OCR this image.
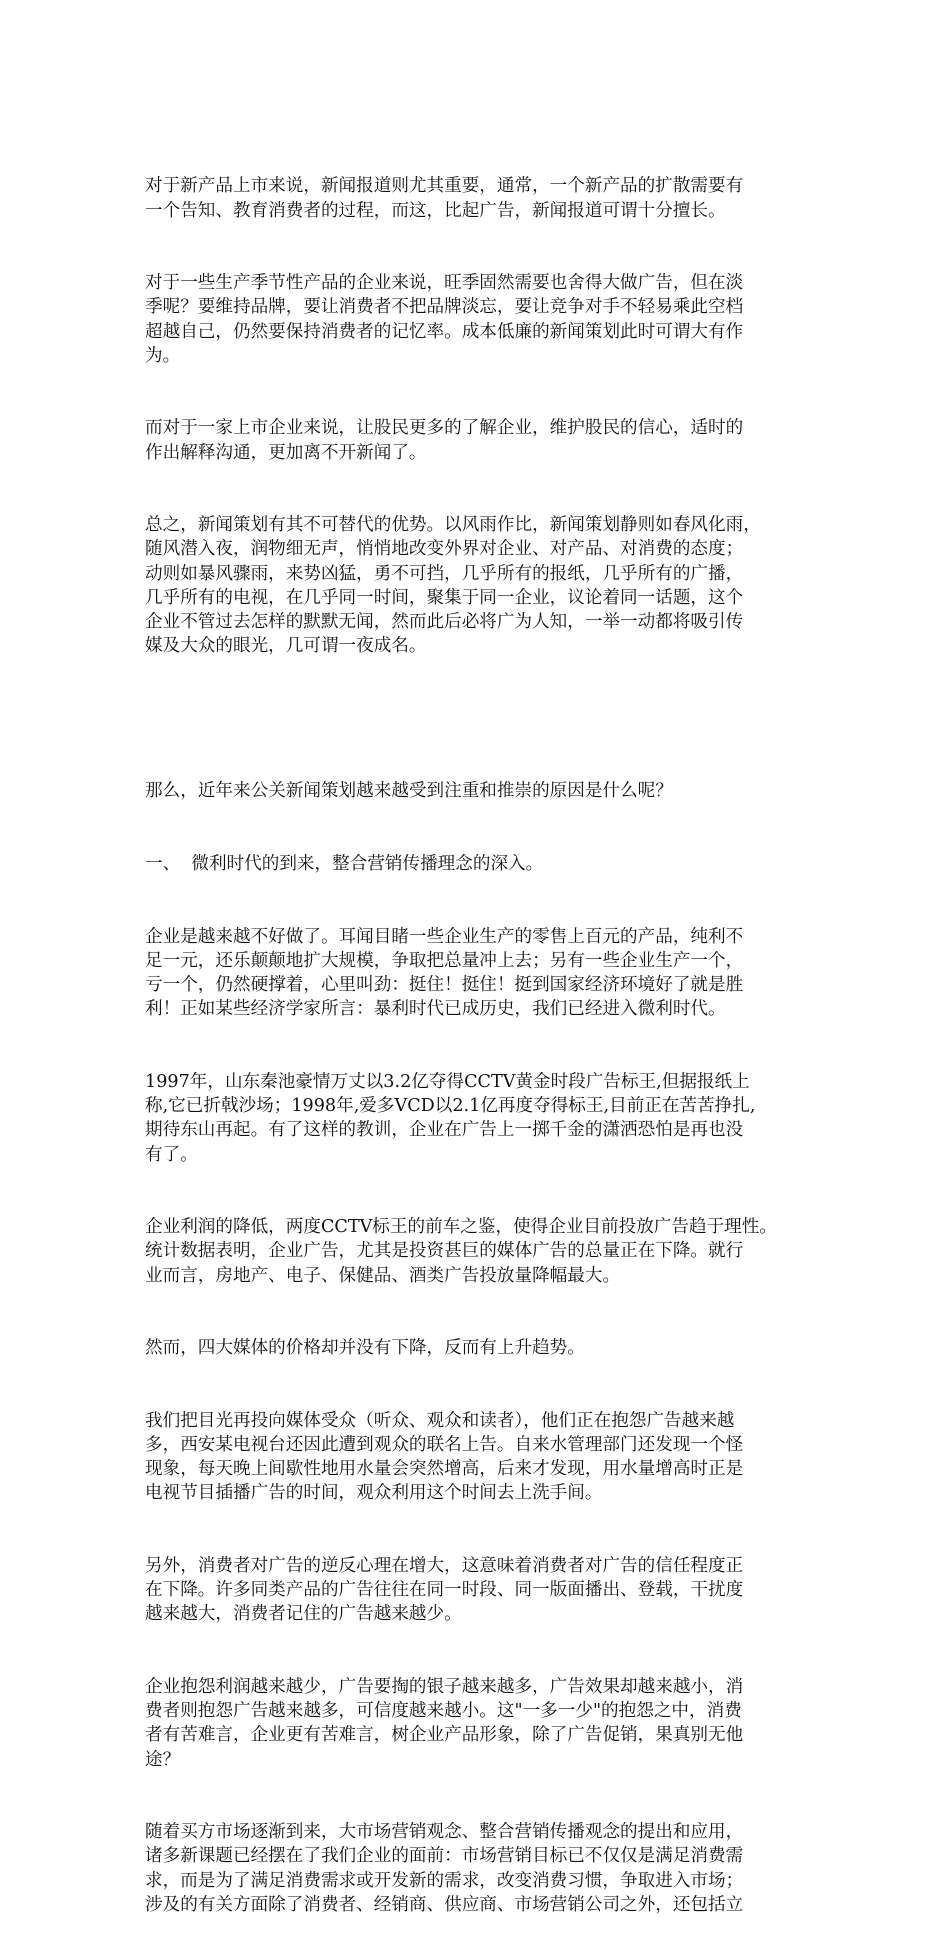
对于新产品上市来说，新闻报道则尤其重要，通常，一个新产品的扩散需要有
一个告知、教育消费者的过程，而这，比起广告，新闻报道可谓十分擅长。

对于一些生产季节性产品的企业来说，旺季固然需要也舍得大做广告，但在淡
季呢？要维持品牌，要让消费者不把品牌淡忘，要让竞争对手不轻易乘此空档
超越自己，仍然要保持消费者的记忆率。成本低廉的新闻策划此时可谓大有作
为。

而对于一家上市企业来说，让股民更多的了解企业，维护股民的信心，适时的
作出解释沟通，更加离不开新闻了。

总之，新闻策划有其不可替代的优势。以风雨作比，新闻策划静则如春风化雨，
随风潜入夜，润物细无声，悄悄地改变外界对企业、对产品、对消费的态度；
动则如暴风骤雨，来势凶猛，勇不可挡，几乎所有的报纸，几乎所有的广播，
几乎所有的电视，在几乎同一时间，聚集于同一企业，议论着同一话题，这个
企业不管过去怎样的默默无闻，然而此后必将广为人知，一举一动都将吸引传
媒及大众的眼光，几可谓一夜成名。

那么，近年来公关新闻策划越来越受到注重和推崇的原因是什么呢？

一、  微利时代的到来，整合营销传播理念的深入。

企业是越来越不好做了。耳闻目睹一些企业生产的零售上百元的产品，纯利不
足一元，还乐颠颠地扩大规模，争取把总量冲上去；另有一些企业生产一个，
亏一个，仍然硬撑着，心里叫劲：挺住！挺住！挺到国家经济环境好了就是胜
利！正如某些经济学家所言：暴利时代已成历史，我们已经进入微利时代。

1997年，山东秦池豪情万丈以3.2亿夺得CCTV黄金时段广告标王,但据报纸上
称,它已折戟沙场；1998年,爱多VCD以2.1亿再度夺得标王,目前正在苦苦挣扎,
期待东山再起。有了这样的教训，企业在广告上一掷千金的潇洒恐怕是再也没
有了。

企业利润的降低，两度CCTV标王的前车之鉴，使得企业目前投放广告趋于理性。
统计数据表明，企业广告，尤其是投资甚巨的媒体广告的总量正在下降。就行
业而言，房地产、电子、保健品、酒类广告投放量降幅最大。

然而，四大媒体的价格却并没有下降，反而有上升趋势。

我们把目光再投向媒体受众（听众、观众和读者），他们正在抱怨广告越来越
多，西安某电视台还因此遭到观众的联名上告。自来水管理部门还发现一个怪
现象，每天晚上间歇性地用水量会突然增高，后来才发现，用水量增高时正是
电视节目插播广告的时间，观众利用这个时间去上洗手间。

另外，消费者对广告的逆反心理在增大，这意味着消费者对广告的信任程度正
在下降。许多同类产品的广告往往在同一时段、同一版面播出、登载，干扰度
越来越大，消费者记住的广告越来越少。

企业抱怨利润越来越少，广告要掏的银子越来越多，广告效果却越来越小，消
费者则抱怨广告越来越多，可信度越来越小。这"一多一少"的抱怨之中，消费
者有苦难言，企业更有苦难言，树企业产品形象，除了广告促销，果真别无他
途？

随着买方市场逐渐到来，大市场营销观念、整合营销传播观念的提出和应用，
诸多新课题已经摆在了我们企业的面前：市场营销目标已不仅仅是满足消费需
求，而是为了满足消费需求或开发新的需求，改变消费习惯，争取进入市场；
涉及的有关方面除了消费者、经销商、供应商、市场营销公司之外，还包括立
